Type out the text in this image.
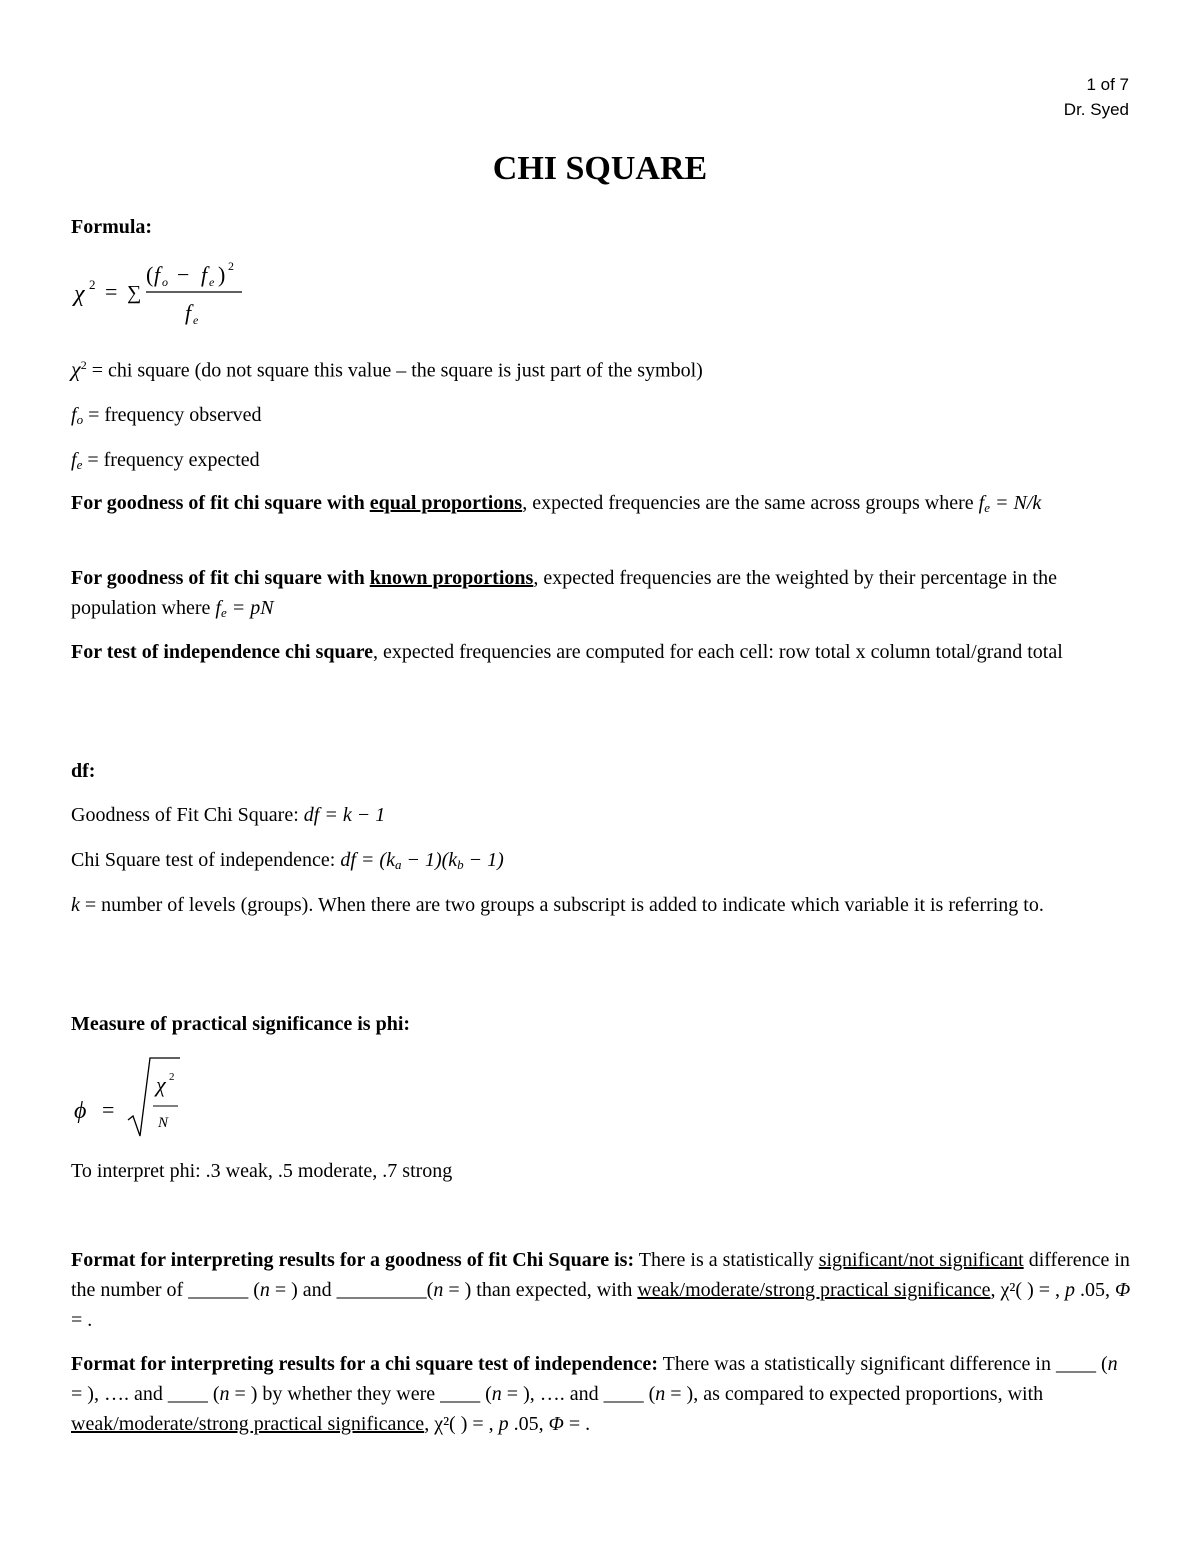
1 of 7
Dr. Syed
CHI SQUARE
Formula:
χ 2 = ∑
( f o − f e ) 2
f e
$\chi^2$ = chi square (do not square this value – the square is just part of the symbol)
$f_o$ = frequency observed
$f_e$ = frequency expected
For goodness of fit chi square with equal proportions, expected frequencies are the same across groups where $f_e = N/k$
For goodness of fit chi square with known proportions, expected frequencies are the weighted by their percentage in the population where $f_e$ = pN
For test of independence chi square, expected frequencies are computed for each cell: row total x column total/grand total
df:
Goodness of Fit Chi Square: df = k − 1
Chi Square test of independence: df = $(k_a - 1)(k_b - 1)$
k = number of levels (groups). When there are two groups a subscript is added to indicate which variable it is referring to.
Measure of practical significance is phi:
ϕ =
χ 2
N
To interpret phi: .3 weak, .5 moderate, .7 strong
Format for interpreting results for a goodness of fit Chi Square is: There is a statistically significant/not significant difference in the number of ______ (n = ) and _________(n = ) than expected, with weak/moderate/strong practical significance, χ²( ) = , p .05, Φ = .
Format for interpreting results for a chi square test of independence: There was a statistically significant difference in ____ (n = ), …. and ____ (n = ) by whether they were ____ (n = ), …. and ____ (n = ), as compared to expected proportions, with weak/moderate/strong practical significance, χ²( ) = , p .05, Φ = .
